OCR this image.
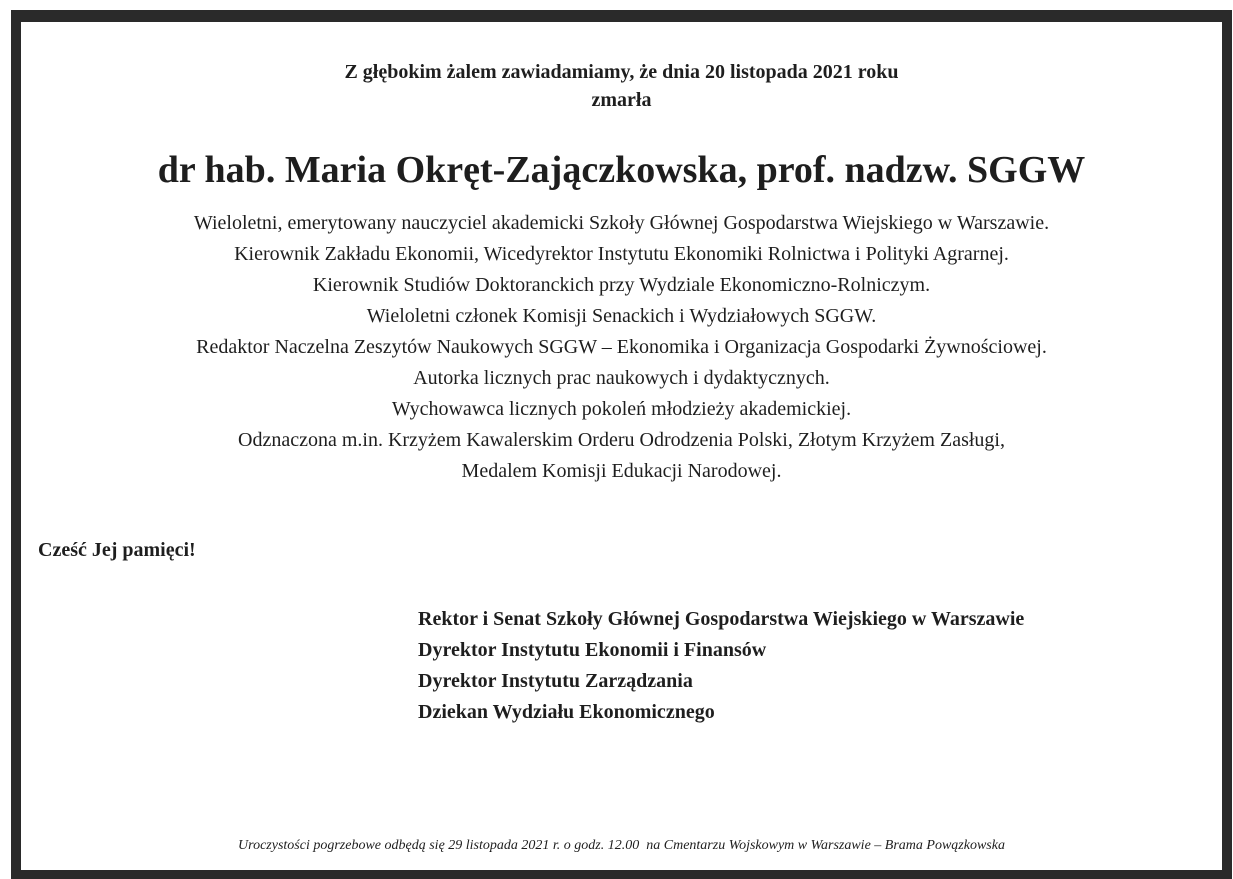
Z głębokim żalem zawiadamiamy, że dnia 20 listopada 2021 roku
zmarła
dr hab. Maria Okręt-Zajączkowska, prof. nadzw. SGGW
Wieloletni, emerytowany nauczyciel akademicki Szkoły Głównej Gospodarstwa Wiejskiego w Warszawie.
Kierownik Zakładu Ekonomii, Wicedyrektor Instytutu Ekonomiki Rolnictwa i Polityki Agrarnej.
Kierownik Studiów Doktoranckich przy Wydziale Ekonomiczno-Rolniczym.
Wieloletni członek Komisji Senackich i Wydziałowych SGGW.
Redaktor Naczelna Zeszytów Naukowych SGGW – Ekonomika i Organizacja Gospodarki Żywnościowej.
Autorka licznych prac naukowych i dydaktycznych.
Wychowawca licznych pokoleń młodzieży akademickiej.
Odznaczona m.in. Krzyżem Kawalerskim Orderu Odrodzenia Polski, Złotym Krzyżem Zasługi,
Medalem Komisji Edukacji Narodowej.
Cześć Jej pamięci!
Rektor i Senat Szkoły Głównej Gospodarstwa Wiejskiego w Warszawie
Dyrektor Instytutu Ekonomii i Finansów
Dyrektor Instytutu Zarządzania
Dziekan Wydziału Ekonomicznego
Uroczystości pogrzebowe odbędą się 29 listopada 2021 r. o godz. 12.00  na Cmentarzu Wojskowym w Warszawie – Brama Powązkowska
